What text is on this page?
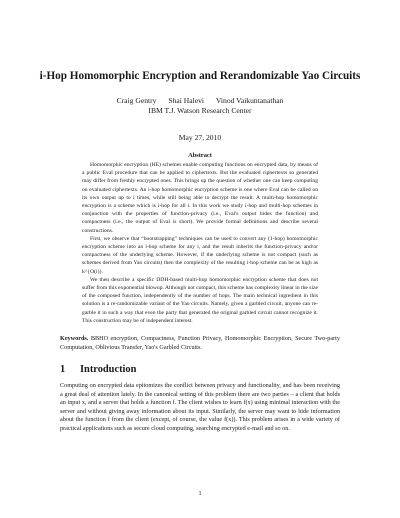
i-Hop Homomorphic Encryption and Rerandomizable Yao Circuits
Craig Gentry Shai Halevi Vinod Vaikuntanathan
IBM T.J. Watson Research Center
May 27, 2010
Abstract

Homomorphic encryption (HE) schemes enable computing functions on encrypted data, by means of a public Eval procedure that can be applied to ciphertexts. But the evaluated ciphertexts so generated may differ from freshly encrypted ones. This brings up the question of whether one can keep computing on evaluated ciphertexts. An i-hop homomorphic encryption scheme is one where Eval can be called on its own output up to i times, while still being able to decrypt the result. A multi-hop homomorphic encryption is a scheme which is i-hop for all i. In this work we study i-hop and multi-hop schemes in conjunction with the properties of function-privacy (i.e., Eval's output hides the function) and compactness (i.e., the output of Eval is short). We provide formal definitions and describe several constructions.

First, we observe that “bootstrapping” techniques can be used to convert any (1-hop) homomorphic encryption scheme into an i-hop scheme for any i, and the result inherits the function-privacy and/or compactness of the underlying scheme. However, if the underlying scheme is not compact (such as schemes derived from Yao circuits) then the complexity of the resulting i-hop scheme can be as high as k^{O(i)}.

We then describe a specific DDH-based multi-hop homomorphic encryption scheme that does not suffer from this exponential blowup. Although not compact, this scheme has complexity linear in the size of the composed function, independently of the number of hops. The main technical ingredient in this solution is a re-randomizable variant of the Yao circuits. Namely, given a garbled circuit, anyone can re-garble it in such a way that even the party that generated the original garbled circuit cannot recognize it. This construction may be of independent interest.

Keywords. BBHO encryption, Compactness, Function Privacy, Homomorphic Encryption, Secure Two-party Computation, Oblivious Transfer, Yao's Garbled Circuits.
1 Introduction

Computing on encrypted data epitomizes the conflict between privacy and functionality, and has been receiving a great deal of attention lately. In the canonical setting of this problem there are two parties – a client that holds an input x, and a server that holds a function f. The client wishes to learn f(x) using minimal interaction with the server and without giving away information about its input. Similarly, the server may want to hide information about the function f from the client (except, of course, the value f(x)). This problem arises in a wide variety of practical applications such as secure cloud computing, searching encrypted e-mail and so on.

1
